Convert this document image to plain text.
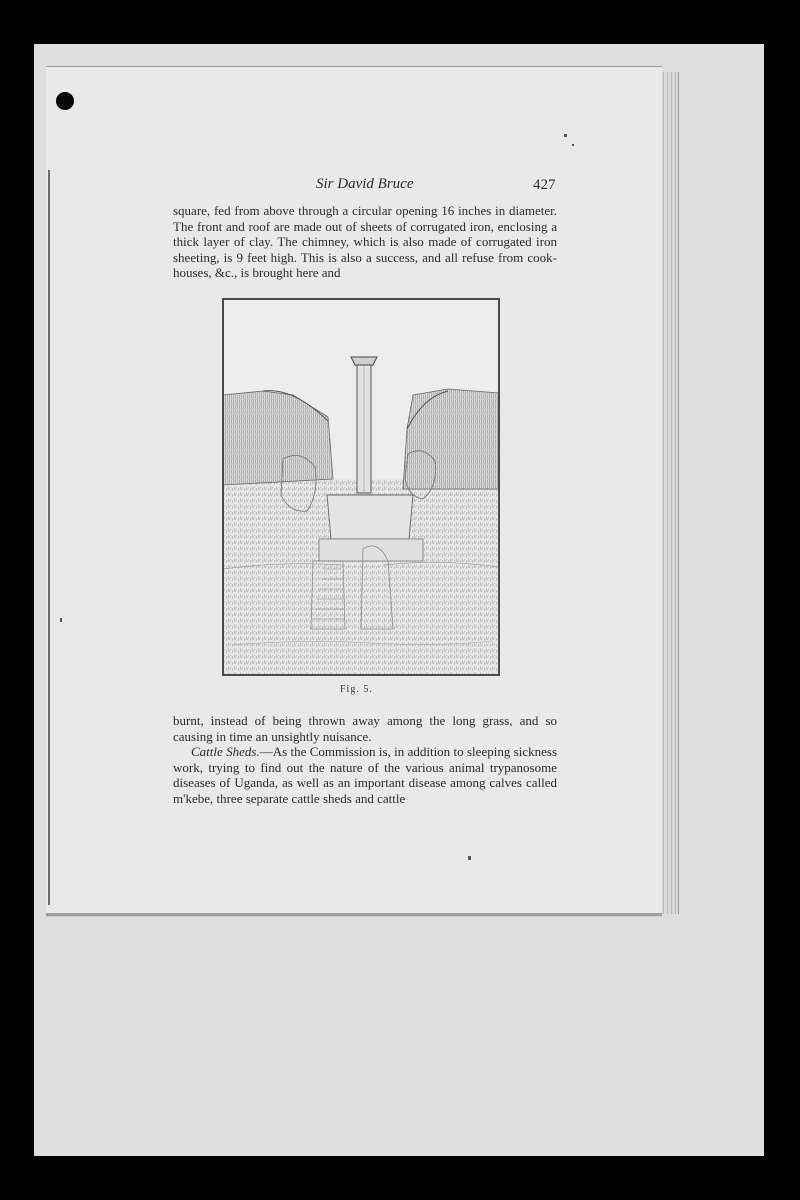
Sir David Bruce	427

square, fed from above through a circular opening 16 inches in diameter. The front and roof are made out of sheets of corrugated iron, enclosing a thick layer of clay. The chimney, which is also made of corrugated iron sheeting, is 9 feet high. This is also a success, and all refuse from cook-houses, &c., is brought here and

Fig. 5.

burnt, instead of being thrown away among the long grass, and so causing in time an unsightly nuisance.

Cattle Sheds.—As the Commission is, in addition to sleeping sickness work, trying to find out the nature of the various animal trypanosome diseases of Uganda, as well as an important disease among calves called m'kebe, three separate cattle sheds and cattle
